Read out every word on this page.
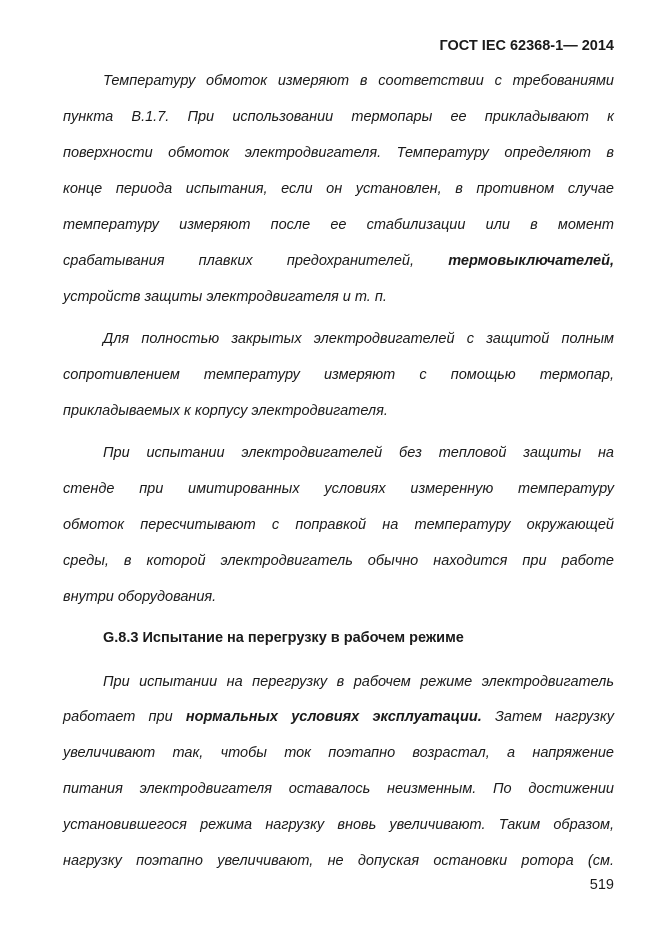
ГОСТ IEC 62368-1— 2014
Температуру обмоток измеряют в соответствии с требованиями
пункта В.1.7. При использовании термопары ее прикладывают к
поверхности обмоток электродвигателя. Температуру определяют в
конце периода испытания, если он установлен, в противном случае
температуру измеряют после ее стабилизации или в момент
срабатывания плавких предохранителей, термовыключателей,
устройств защиты электродвигателя и т. п.
Для полностью закрытых электродвигателей с защитой полным
сопротивлением температуру измеряют с помощью термопар,
прикладываемых к корпусу электродвигателя.
При испытании электродвигателей без тепловой защиты на
стенде при имитированных условиях измеренную температуру
обмоток пересчитывают с поправкой на температуру окружающей
среды, в которой электродвигатель обычно находится при работе
внутри оборудования.
G.8.3 Испытание на перегрузку в рабочем режиме
При испытании на перегрузку в рабочем режиме электродвигатель
работает при нормальных условиях эксплуатации. Затем нагрузку
увеличивают так, чтобы ток поэтапно возрастал, а напряжение
питания электродвигателя оставалось неизменным. По достижении
установившегося режима нагрузку вновь увеличивают. Таким образом,
нагрузку поэтапно увеличивают, не допуская остановки ротора (см.
519
